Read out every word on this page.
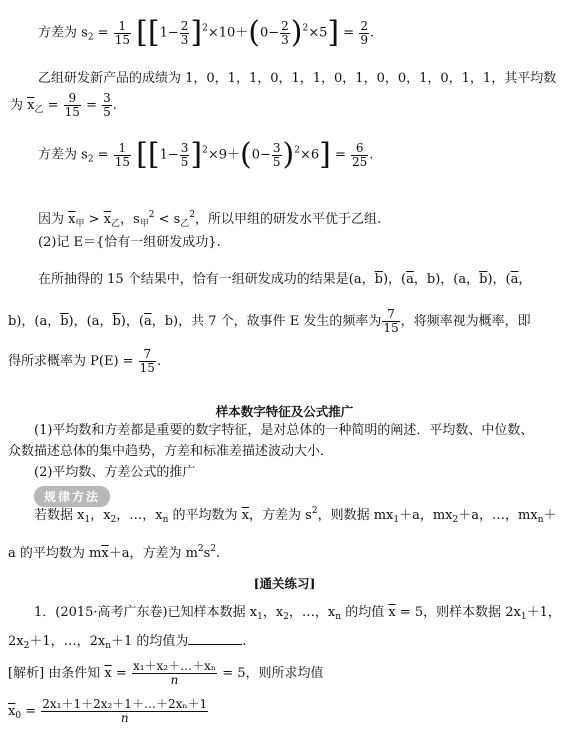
方差为 $s_2 = \frac{1}{15} [[1- \frac{2}{3} ]^2\times 10+(0- \frac{2}{3} )^2\times 5] = \frac{2}{9}$ .
乙组研发新产品的成绩为 1，0，1，1，0，1，1，0，1，0，0，1，0，1，1，其平均数
为 $\overline{x}_乙 = \frac{9}{15} = \frac{3}{5}$ .
方差为 $s_2 = \frac{1}{15} [[1- \frac{3}{5} ]^2\times 9+(0- \frac{3}{5} )^2\times 6] = \frac{6}{25}$ .
因为 $\overline{x}_甲 > \overline{x}_乙$，$s_甲^2 < s_乙^2$，所以甲组的研发水平优于乙组.
(2)记 E＝{恰有一组研发成功}.
在所抽得的 15 个结果中，恰有一组研发成功的结果是(a，$\overline{b}$)，($\overline{a}$，b)，(a，$\overline{b}$)，($\overline{a}$，
b)，(a，$\overline{b}$)，(a，$\overline{b}$)，($\overline{a}$，b)，共 7 个，故事件 E 发生的频率为 $\frac{7}{15}$ ，将频率视为概率，即
得所求概率为 $P(E) = \frac{7}{15}$ .
样本数字特征及公式推广
(1)平均数和方差都是重要的数字特征，是对总体的一种简明的阐述．平均数、中位数、
众数描述总体的集中趋势，方差和标准差描述波动大小．
(2)平均数、方差公式的推广
规律方法
若数据 $x_1$，$x_2$，…，$x_n$ 的平均数为 $\overline{x}$，方差为 $s^2$，则数据 $mx_1+a$，$mx_2+a$，…，$mx_n+$
a 的平均数为 $m\overline{x}+a$，方差为 $m^2s^2$.
[通关练习]
1．(2015·高考广东卷)已知样本数据 $x_1$，$x_2$，…，$x_n$ 的均值 $\overline{x} = 5$，则样本数据 $2x_1+1$，
$2x_2+1$，…，$2x_n+1$ 的均值为	.
[解析] 由条件知 $\overline{x} = \frac{\text{x₁＋x₂＋…＋xₙ}}{n} = 5$，则所求均值
$\overline{x}_0 = \frac{\text{2x₁＋1＋2x₂＋1＋…＋2xₙ＋1}}{n}$
